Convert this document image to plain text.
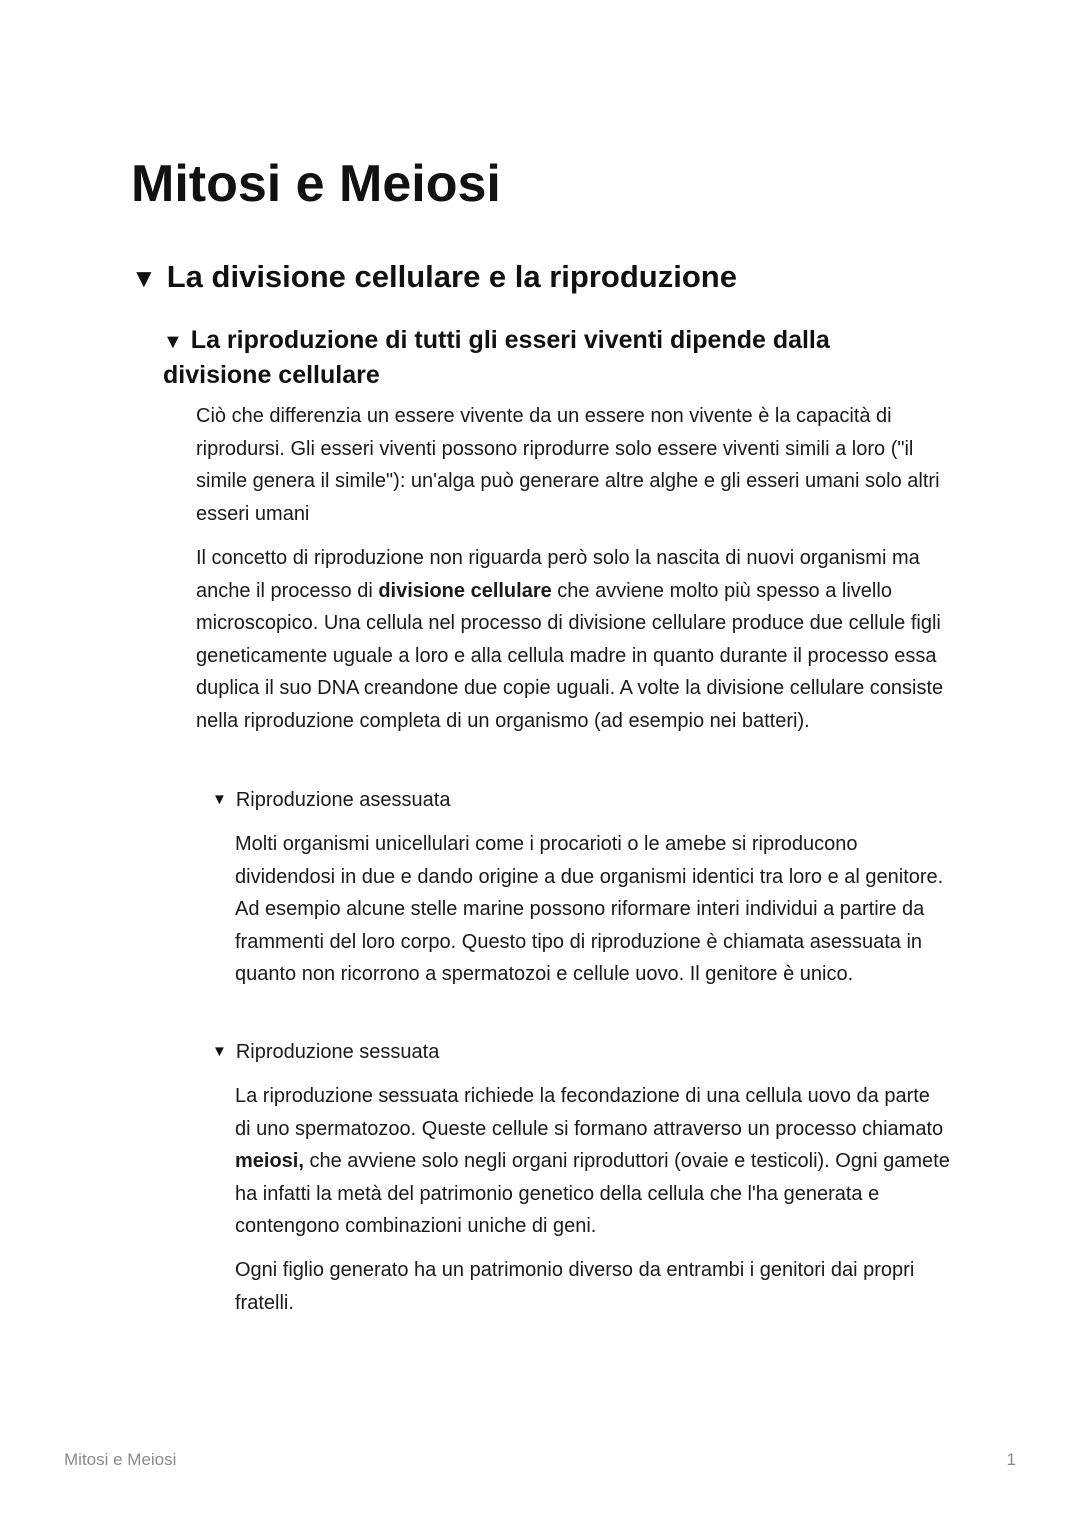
Mitosi e Meiosi
▼ La divisione cellulare e la riproduzione
▼ La riproduzione di tutti gli esseri viventi dipende dalla divisione cellulare

Ciò che differenzia un essere vivente da un essere non vivente è la capacità di riprodursi. Gli esseri viventi possono riprodurre solo essere viventi simili a loro ("il simile genera il simile"): un'alga può generare altre alghe e gli esseri umani solo altri esseri umani

Il concetto di riproduzione non riguarda però solo la nascita di nuovi organismi ma anche il processo di divisione cellulare che avviene molto più spesso a livello microscopico. Una cellula nel processo di divisione cellulare produce due cellule figli geneticamente uguale a loro e alla cellula madre in quanto durante il processo essa duplica il suo DNA creandone due copie uguali. A volte la divisione cellulare consiste nella riproduzione completa di un organismo (ad esempio nei batteri).

▼ Riproduzione asessuata

Molti organismi unicellulari come i procarioti o le amebe si riproducono dividendosi in due e dando origine a due organismi identici tra loro e al genitore. Ad esempio alcune stelle marine possono riformare interi individui a partire da frammenti del loro corpo. Questo tipo di riproduzione è chiamata asessuata in quanto non ricorrono a spermatozoi e cellule uovo. Il genitore è unico.

▼ Riproduzione sessuata

La riproduzione sessuata richiede la fecondazione di una cellula uovo da parte di uno spermatozoo. Queste cellule si formano attraverso un processo chiamato meiosi, che avviene solo negli organi riproduttori (ovaie e testicoli). Ogni gamete ha infatti la metà del patrimonio genetico della cellula che l'ha generata e contengono combinazioni uniche di geni.

Ogni figlio generato ha un patrimonio diverso da entrambi i genitori dai propri fratelli.

Mitosi e Meiosi	1
